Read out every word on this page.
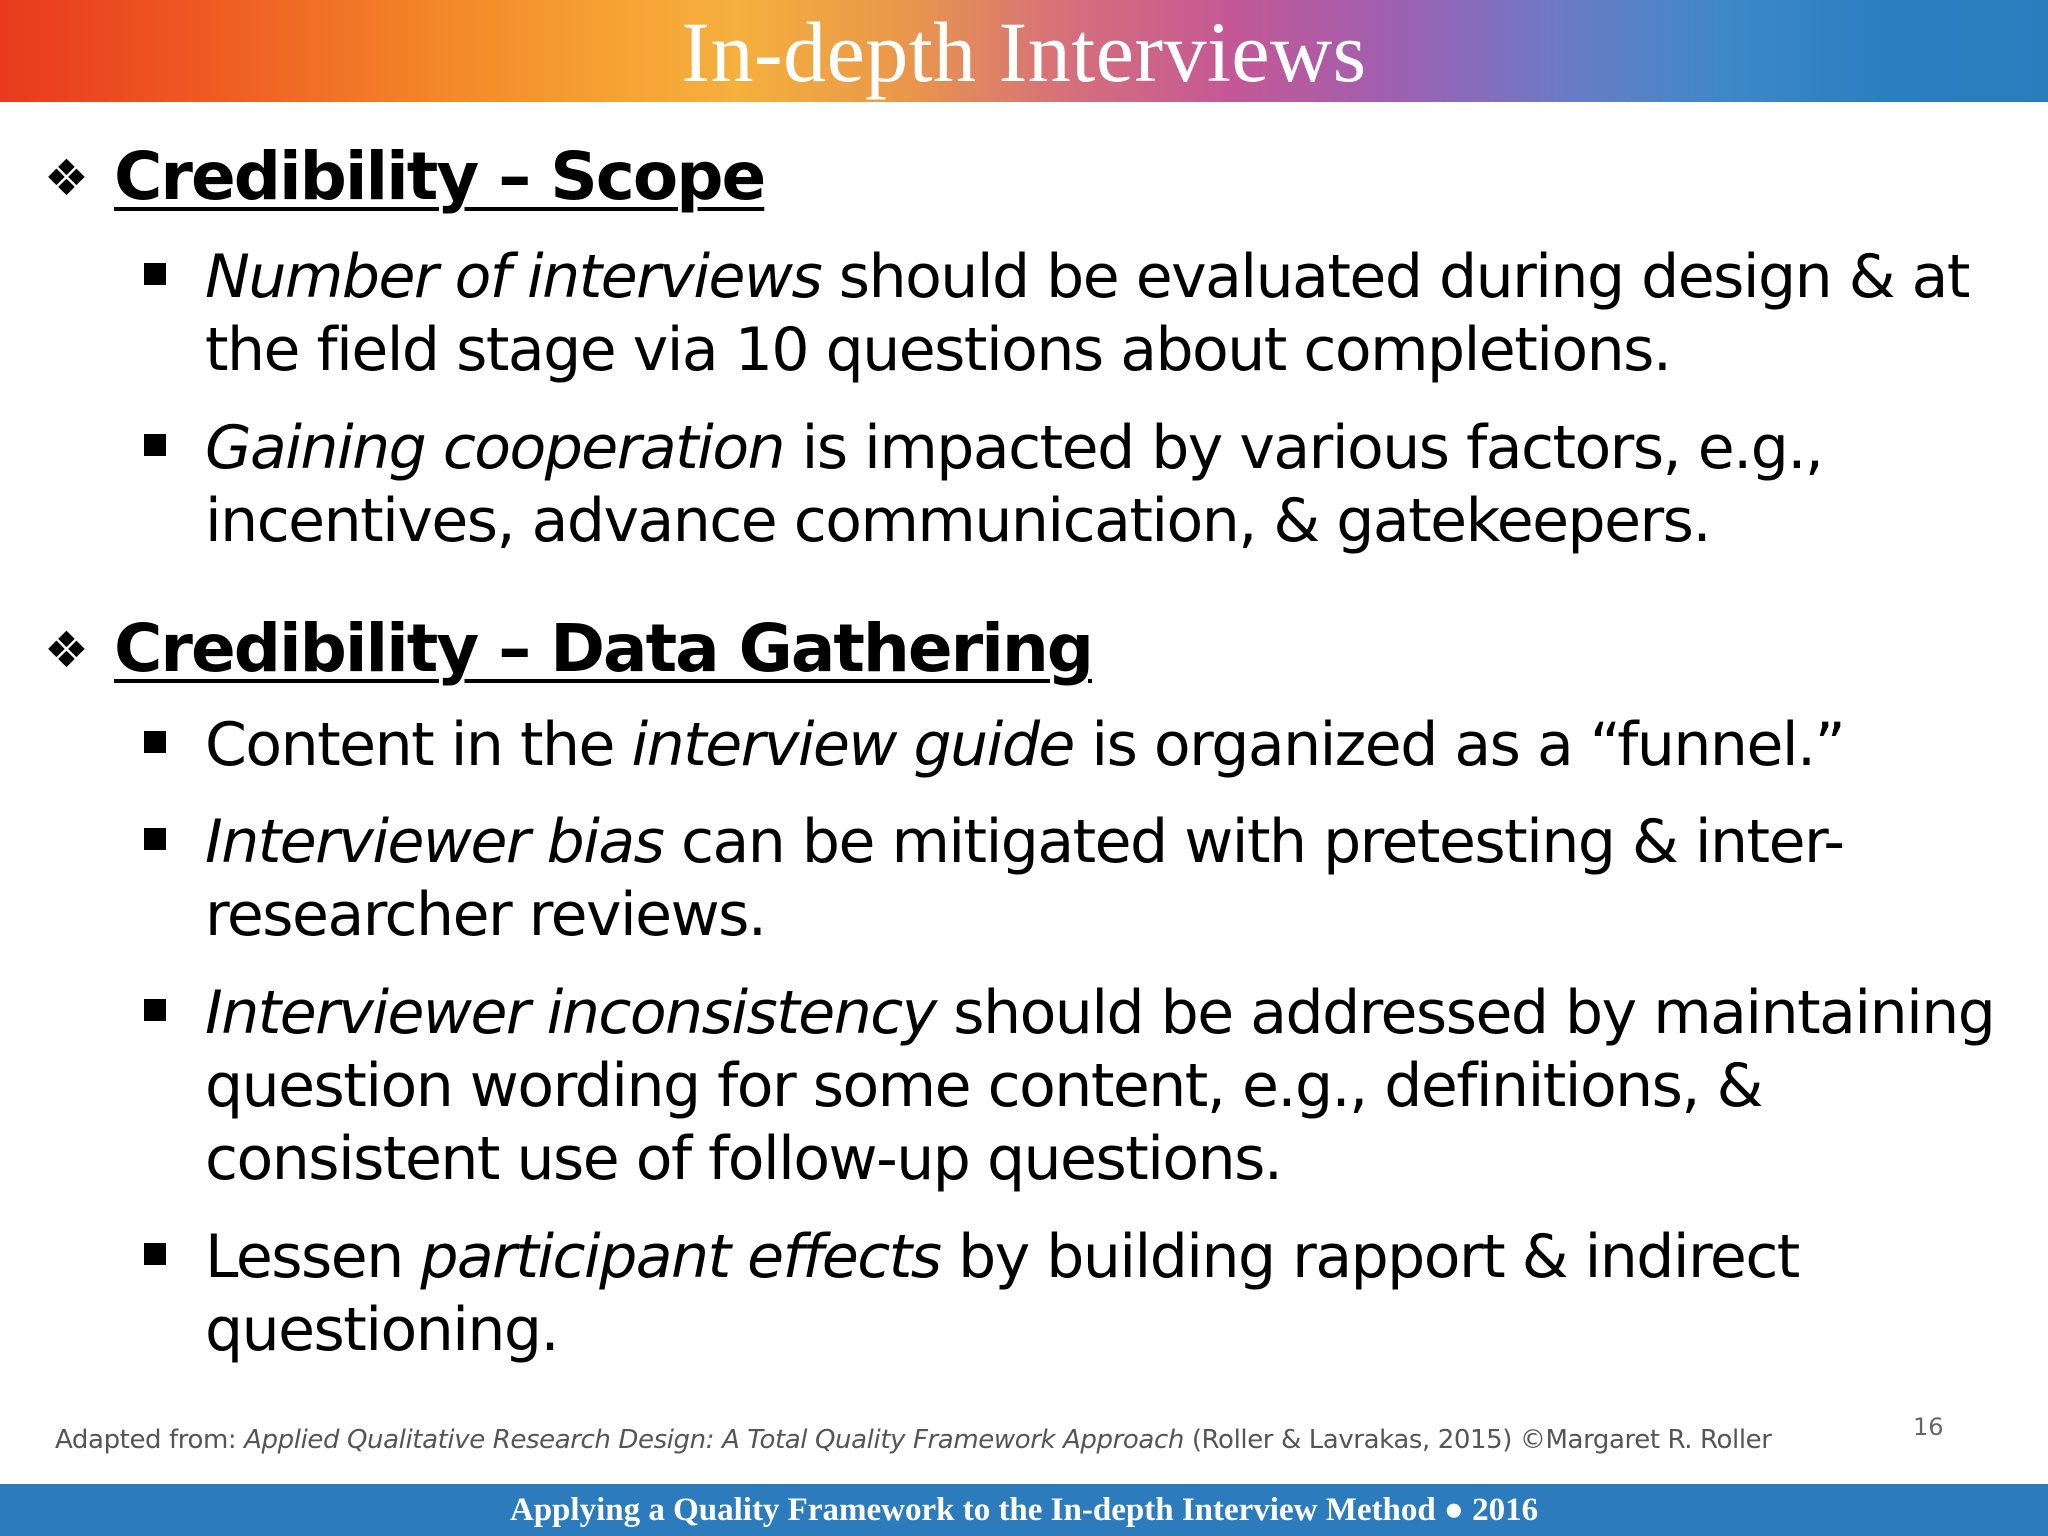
In-depth Interviews
❖ Credibility – Scope
Number of interviews should be evaluated during design & at the field stage via 10 questions about completions.
Gaining cooperation is impacted by various factors, e.g., incentives, advance communication, & gatekeepers.
❖ Credibility – Data Gathering
Content in the interview guide is organized as a “funnel.”
Interviewer bias can be mitigated with pretesting & inter-researcher reviews.
Interviewer inconsistency should be addressed by maintaining question wording for some content, e.g., definitions, & consistent use of follow-up questions.
Lessen participant effects by building rapport & indirect questioning.
Adapted from: Applied Qualitative Research Design: A Total Quality Framework Approach (Roller & Lavrakas, 2015) ©Margaret R. Roller	16
Applying a Quality Framework to the In-depth Interview Method ● 2016
